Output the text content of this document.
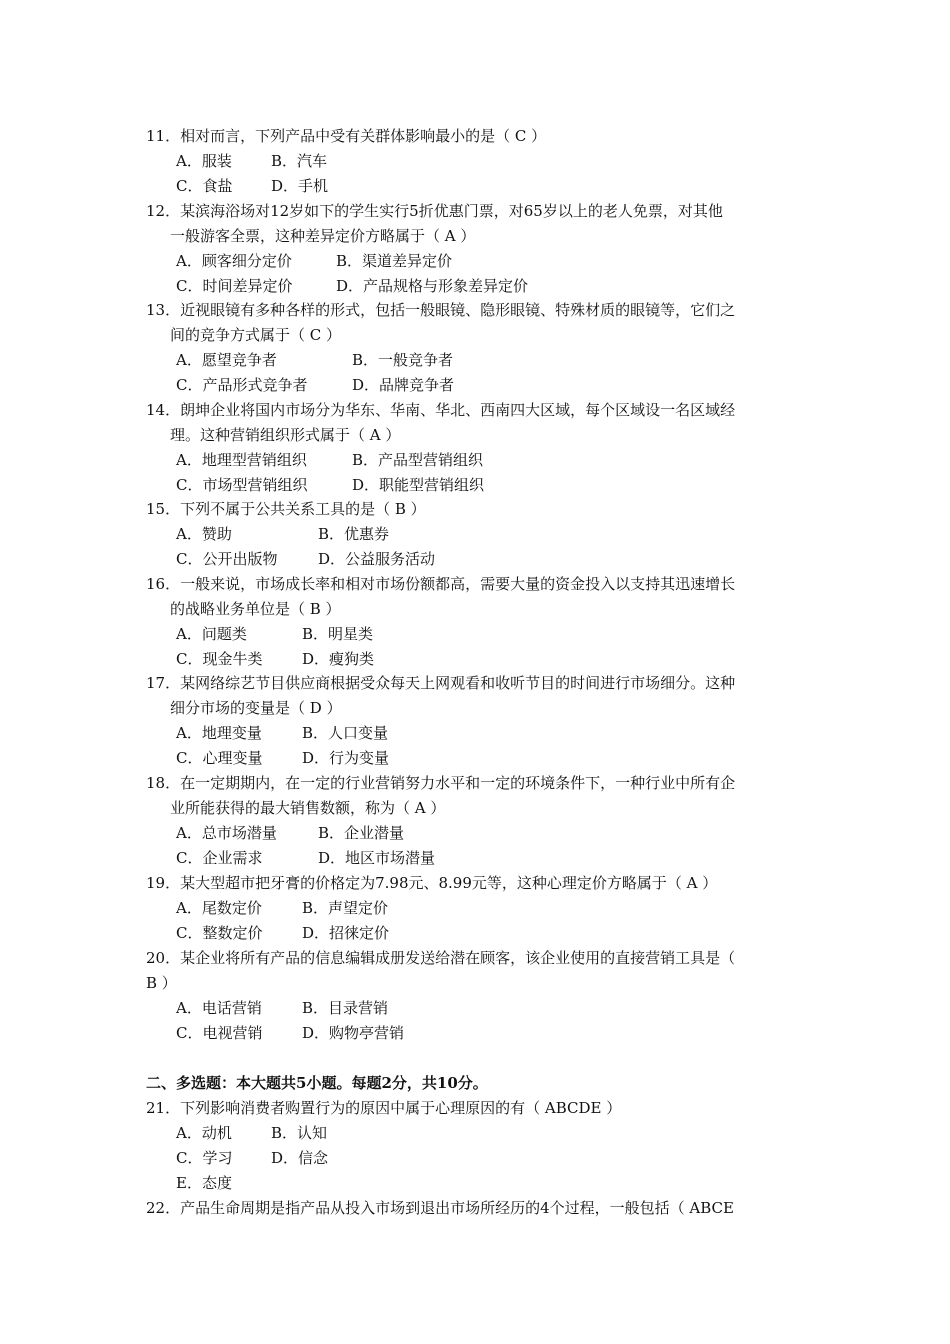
11．相对而言，下列产品中受有关群体影响最小的是（ C ）

A．服装	B．汽车
C．食盐	D．手机

12．某滨海浴场对12岁如下的学生实行5折优惠门票，对65岁以上的老人免票，对其他

一般游客全票，这种差异定价方略属于（ A ）

A．顾客细分定价	B．渠道差异定价
C．时间差异定价	D．产品规格与形象差异定价

13．近视眼镜有多种各样的形式，包括一般眼镜、隐形眼镜、特殊材质的眼镜等，它们之

间的竞争方式属于（ C ）

A．愿望竞争者	B．一般竞争者
C．产品形式竞争者	D．品牌竞争者

14．朗坤企业将国内市场分为华东、华南、华北、西南四大区域，每个区域设一名区域经

理。这种营销组织形式属于（ A ）

A．地理型营销组织	B．产品型营销组织
C．市场型营销组织	D．职能型营销组织

15．下列不属于公共关系工具的是（ B ）

A．赞助	B．优惠券
C．公开出版物	D．公益服务活动

16．一般来说，市场成长率和相对市场份额都高，需要大量的资金投入以支持其迅速增长

的战略业务单位是（ B ）

A．问题类	B．明星类
C．现金牛类	D．瘦狗类

17．某网络综艺节目供应商根据受众每天上网观看和收听节目的时间进行市场细分。这种

细分市场的变量是（ D ）

A．地理变量	B．人口变量
C．心理变量	D．行为变量

18．在一定期期内，在一定的行业营销努力水平和一定的环境条件下，一种行业中所有企

业所能获得的最大销售数额，称为（ A ）

A．总市场潜量	B．企业潜量
C．企业需求	D．地区市场潜量

19．某大型超市把牙膏的价格定为7.98元、8.99元等，这种心理定价方略属于（ A ）

A．尾数定价	B．声望定价
C．整数定价	D．招徕定价

20．某企业将所有产品的信息编辑成册发送给潜在顾客，该企业使用的直接营销工具是（

B ）

A．电话营销	B．目录营销
C．电视营销	D．购物亭营销
二、多选题：本大题共5小题。每题2分，共10分。

21．下列影响消费者购置行为的原因中属于心理原因的有（ ABCDE ）

A．动机	B．认知
C．学习	D．信念
E．态度

22．产品生命周期是指产品从投入市场到退出市场所经历的4个过程，一般包括（ ABCE
